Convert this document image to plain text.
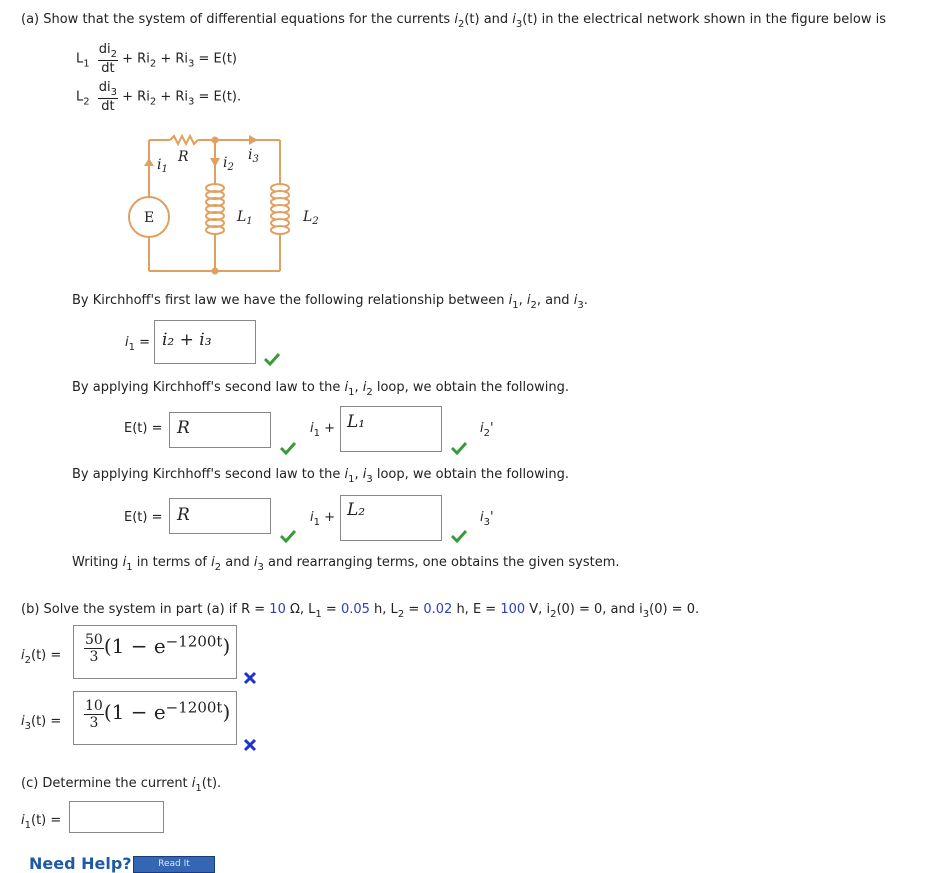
(a) Show that the system of differential equations for the currents $i_2(t)$ and $i_3(t)$ in the electrical network shown in the figure below is
$L_1 \frac{di_2}{dt} + Ri_2 + Ri_3 = E(t)$
$L_2 \frac{di_3}{dt} + Ri_2 + Ri_3 = E(t)$.
R
E
$i_1$	$i_2$
$i_3$
$L_1$	$L_2$
By Kirchhoff's first law we have the following relationship between $i_1$, $i_2$, and $i_3$.
$i_1 = i_2 + i_3$
By applying Kirchhoff's second law to the $i_1$, $i_2$ loop, we obtain the following.
E(t) = R	$i_1 + L_1$	$i_2'$
By applying Kirchhoff's second law to the $i_1$, $i_3$ loop, we obtain the following.
E(t) = R	$i_1 + L_2$	$i_3'$
Writing $i_1$ in terms of $i_2$ and $i_3$ and rearranging terms, one obtains the given system.
(b) Solve the system in part (a) if R = 10 Ω, $L_1 = 0.05$ h, $L_2 = 0.02$ h, E = 100 V, $i_2(0) = 0$, and $i_3(0) = 0$.
$i_2(t) = \frac{50}{3} (1 - e^{-1200t})$
$i_3(t) = \frac{10}{3} (1 - e^{-1200t})$
(c) Determine the current $i_1(t)$.
$i_1(t)$ =
Need Help?	Read It
